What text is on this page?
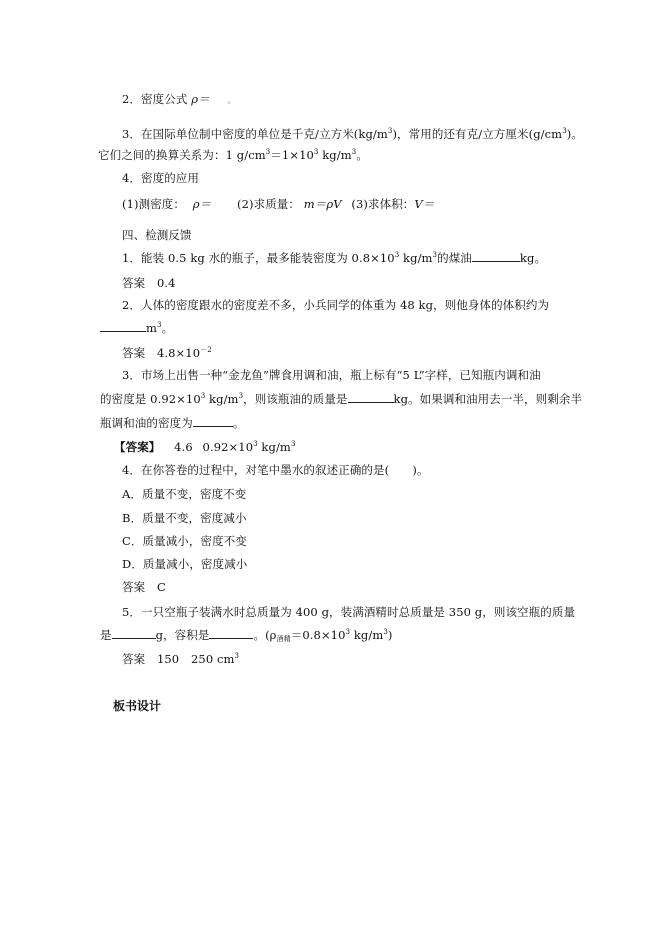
2．密度公式 ρ＝ 。
3．在国际单位制中密度的单位是千克/立方米$(kg/m^3)$，常用的还有克/立方厘米$(g/cm^3)$。
它们之间的换算关系为：1 $g/cm^3=1\times 10^3$ $kg/m^3$。
4．密度的应用
(1)测密度： ρ＝ (2)求质量： m＝ρV (3)求体积：V＝
四、检测反馈
1．能装 0.5 kg 水的瓶子，最多能装密度为 $0.8\times 10^3$ $kg/m^3$的煤油	kg。
答案 0.4
2．人体的密度跟水的密度差不多，小兵同学的体重为 48 kg，则他身体的体积约为
$m^3$。
答案 $4.8\times 10^{-2}$
3．市场上出售一种“金龙鱼”牌食用调和油，瓶上标有“5 L”字样，已知瓶内调和油
的密度是 $0.92\times 10^3$ $kg/m^3$，则该瓶油的质量是	kg。如果调和油用去一半，则剩余半
瓶调和油的密度为	。
【答案】 4.6 $0.92\times 10^3$ $kg/m^3$
4．在你答卷的过程中，对笔中墨水的叙述正确的是(　　)。
A．质量不变，密度不变
B．质量不变，密度减小
C．质量减小，密度不变
D．质量减小，密度减小
答案 C
5．一只空瓶子装满水时总质量为 400 g，装满酒精时总质量是 350 g，则该空瓶的质量
是	g，容积是	。($\rho_{酒精}=0.8\times 10^3$ $kg/m^3$)
答案 150 250 $cm^3$
板书设计
